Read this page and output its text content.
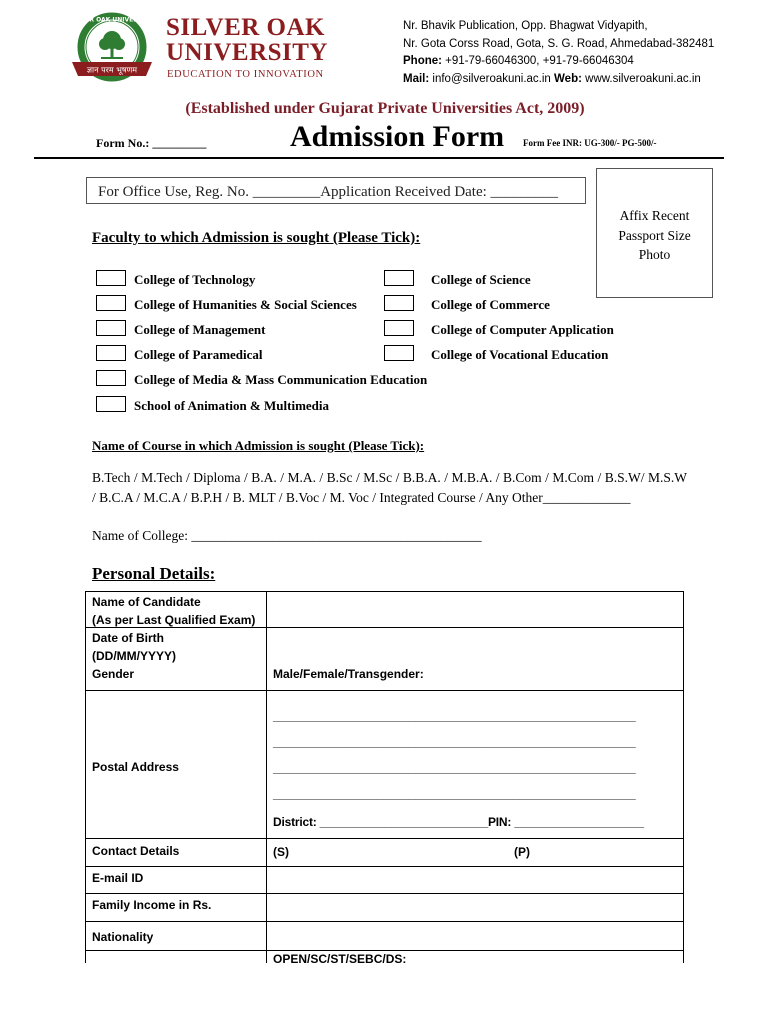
ज्ञान परम भूषणम
SILVER OAK UNIVERSITY SILVER OAK
UNIVERSITY
EDUCATION TO INNOVATION
Nr. Bhavik Publication, Opp. Bhagwat Vidyapith,
Nr. Gota Corss Road, Gota, S. G. Road, Ahmedabad-382481
Phone: +91-79-66046300, +91-79-66046304
Mail: info@silveroakuni.ac.in Web: www.silveroakuni.ac.in
(Established under Gujarat Private Universities Act, 2009)
Form No.: _________	Admission Form Form Fee INR: UG-300/- PG-500/-
For Office Use, Reg. No. _________Application Received Date: _________
Affix Recent
Passport Size
Photo
Faculty to which Admission is sought (Please Tick):
College of Technology
College of Humanities & Social Sciences
College of Management
College of Paramedical
College of Media & Mass Communication Education
School of Animation & Multimedia
College of Science
College of Commerce
College of Computer Application
College of Vocational Education
Name of Course in which Admission is sought (Please Tick):
B.Tech / M.Tech / Diploma / B.A. / M.A. / B.Sc / M.Sc / B.B.A. / M.B.A. / B.Com / M.Com / B.S.W/ M.S.W / B.C.A / M.C.A / B.P.H / B. MLT / B.Voc / M. Voc / Integrated Course / Any Other_____________
Name of College: ___________________________________________
Personal Details:
Name of Candidate
(As per Last Qualified Exam)
Date of Birth
(DD/MM/YYYY)
Gender	Male/Female/Transgender:
Postal Address
________________________________________________________
________________________________________________________
________________________________________________________
________________________________________________________
District: __________________________PIN: ____________________
Contact Details	(S)	(P)
E-mail ID
Family Income in Rs.
Nationality
OPEN/SC/ST/SEBC/DS:
